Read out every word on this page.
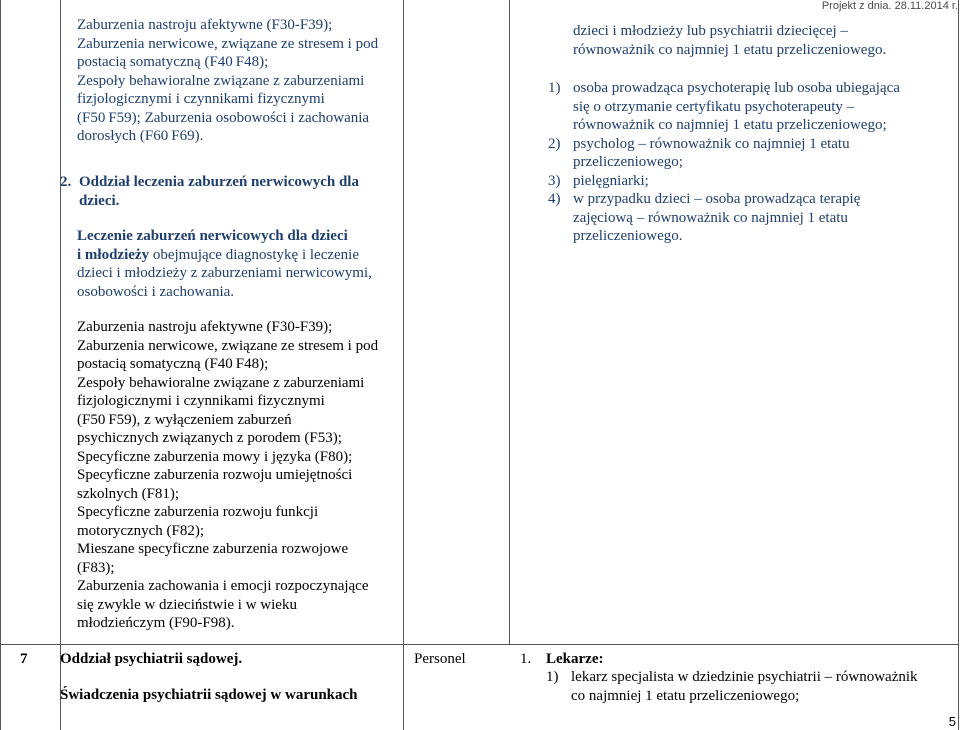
Projekt z dnia. 28.11.2014 r.

Zaburzenia nastroju afektywne (F30-F39);

Zaburzenia nerwicowe, związane ze stresem i pod

postacią somatyczną (F40 F48);

Zespoły behawioralne związane z zaburzeniami

fizjologicznymi i czynnikami fizycznymi

(F50 F59); Zaburzenia osobowości i zachowania

dorosłych (F60 F69).

2. Oddział leczenia zaburzeń nerwicowych dla

dzieci.

Leczenie zaburzeń nerwicowych dla dzieci

i młodzieży obejmujące diagnostykę i leczenie

dzieci i młodzieży z zaburzeniami nerwicowymi,

osobowości i zachowania.

Zaburzenia nastroju afektywne (F30-F39);

Zaburzenia nerwicowe, związane ze stresem i pod

postacią somatyczną (F40 F48);

Zespoły behawioralne związane z zaburzeniami

fizjologicznymi i czynnikami fizycznymi

(F50 F59), z wyłączeniem zaburzeń

psychicznych związanych z porodem (F53);

Specyficzne zaburzenia mowy i języka (F80);

Specyficzne zaburzenia rozwoju umiejętności

szkolnych (F81);

Specyficzne zaburzenia rozwoju funkcji

motorycznych (F82);

Mieszane specyficzne zaburzenia rozwojowe

(F83);

Zaburzenia zachowania i emocji rozpoczynające

się zwykle w dzieciństwie i w wieku

młodzieńczym (F90-F98).

dzieci i młodzieży lub psychiatrii dziecięcej –

równoważnik co najmniej 1 etatu przeliczeniowego.

1) osoba prowadząca psychoterapię lub osoba ubiegająca

się o otrzymanie certyfikatu psychoterapeuty –

równoważnik co najmniej 1 etatu przeliczeniowego;

2) psycholog – równoważnik co najmniej 1 etatu

przeliczeniowego;

3) pielęgniarki;

4) w przypadku dzieci – osoba prowadząca terapię

zajęciową – równoważnik co najmniej 1 etatu

przeliczeniowego.

7 Oddział psychiatrii sądowej.
Świadczenia psychiatrii sądowej w warunkach
Personel	1. Lekarze:

1) lekarz specjalista w dziedzinie psychiatrii – równoważnik

co najmniej 1 etatu przeliczeniowego;

5
